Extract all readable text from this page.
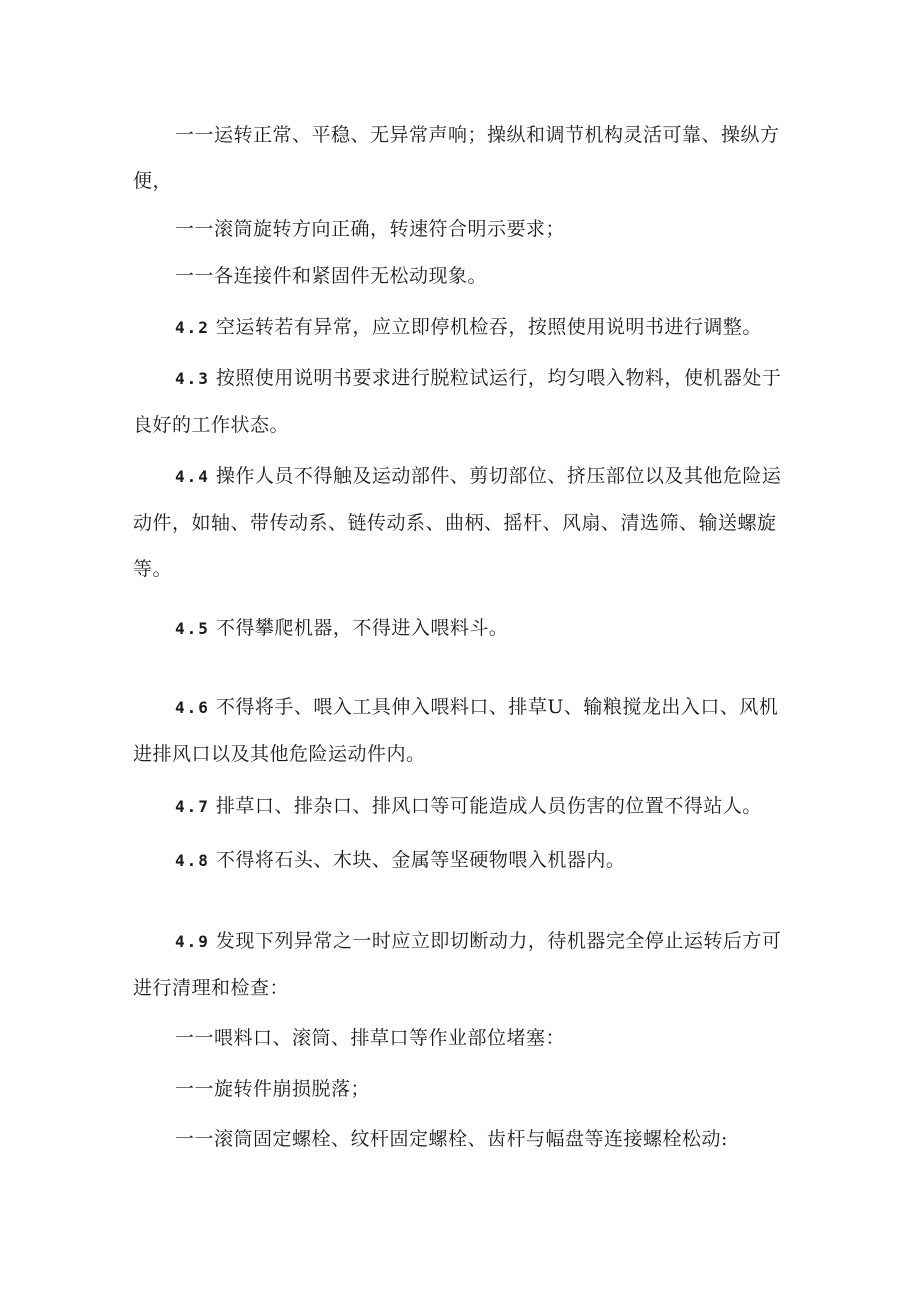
一一运转正常、平稳、无异常声响；操纵和调节机构灵活可靠、操纵方便，

一一滚筒旋转方向正确，转速符合明示要求；

一一各连接件和紧固件无松动现象。

4.2 空运转若有异常，应立即停机检吞，按照使用说明书进行调整。

4.3 按照使用说明书要求进行脱粒试运行，均匀喂入物料，使机器处于良好的工作状态。

4.4 操作人员不得触及运动部件、剪切部位、挤压部位以及其他危险运动件，如轴、带传动系、链传动系、曲柄、摇杆、风扇、清选筛、输送螺旋等。

4.5 不得攀爬机器，不得进入喂料斗。

4.6 不得将手、喂入工具伸入喂料口、排草U、输粮搅龙出入口、风机进排风口以及其他危险运动件内。

4.7 排草口、排杂口、排风口等可能造成人员伤害的位置不得站人。

4.8 不得将石头、木块、金属等坚硬物喂入机器内。

4.9 发现下列异常之一时应立即切断动力，待机器完全停止运转后方可进行清理和检查：

一一喂料口、滚筒、排草口等作业部位堵塞：

一一旋转件崩损脱落；

一一滚筒固定螺栓、纹杆固定螺栓、齿杆与幅盘等连接螺栓松动:
